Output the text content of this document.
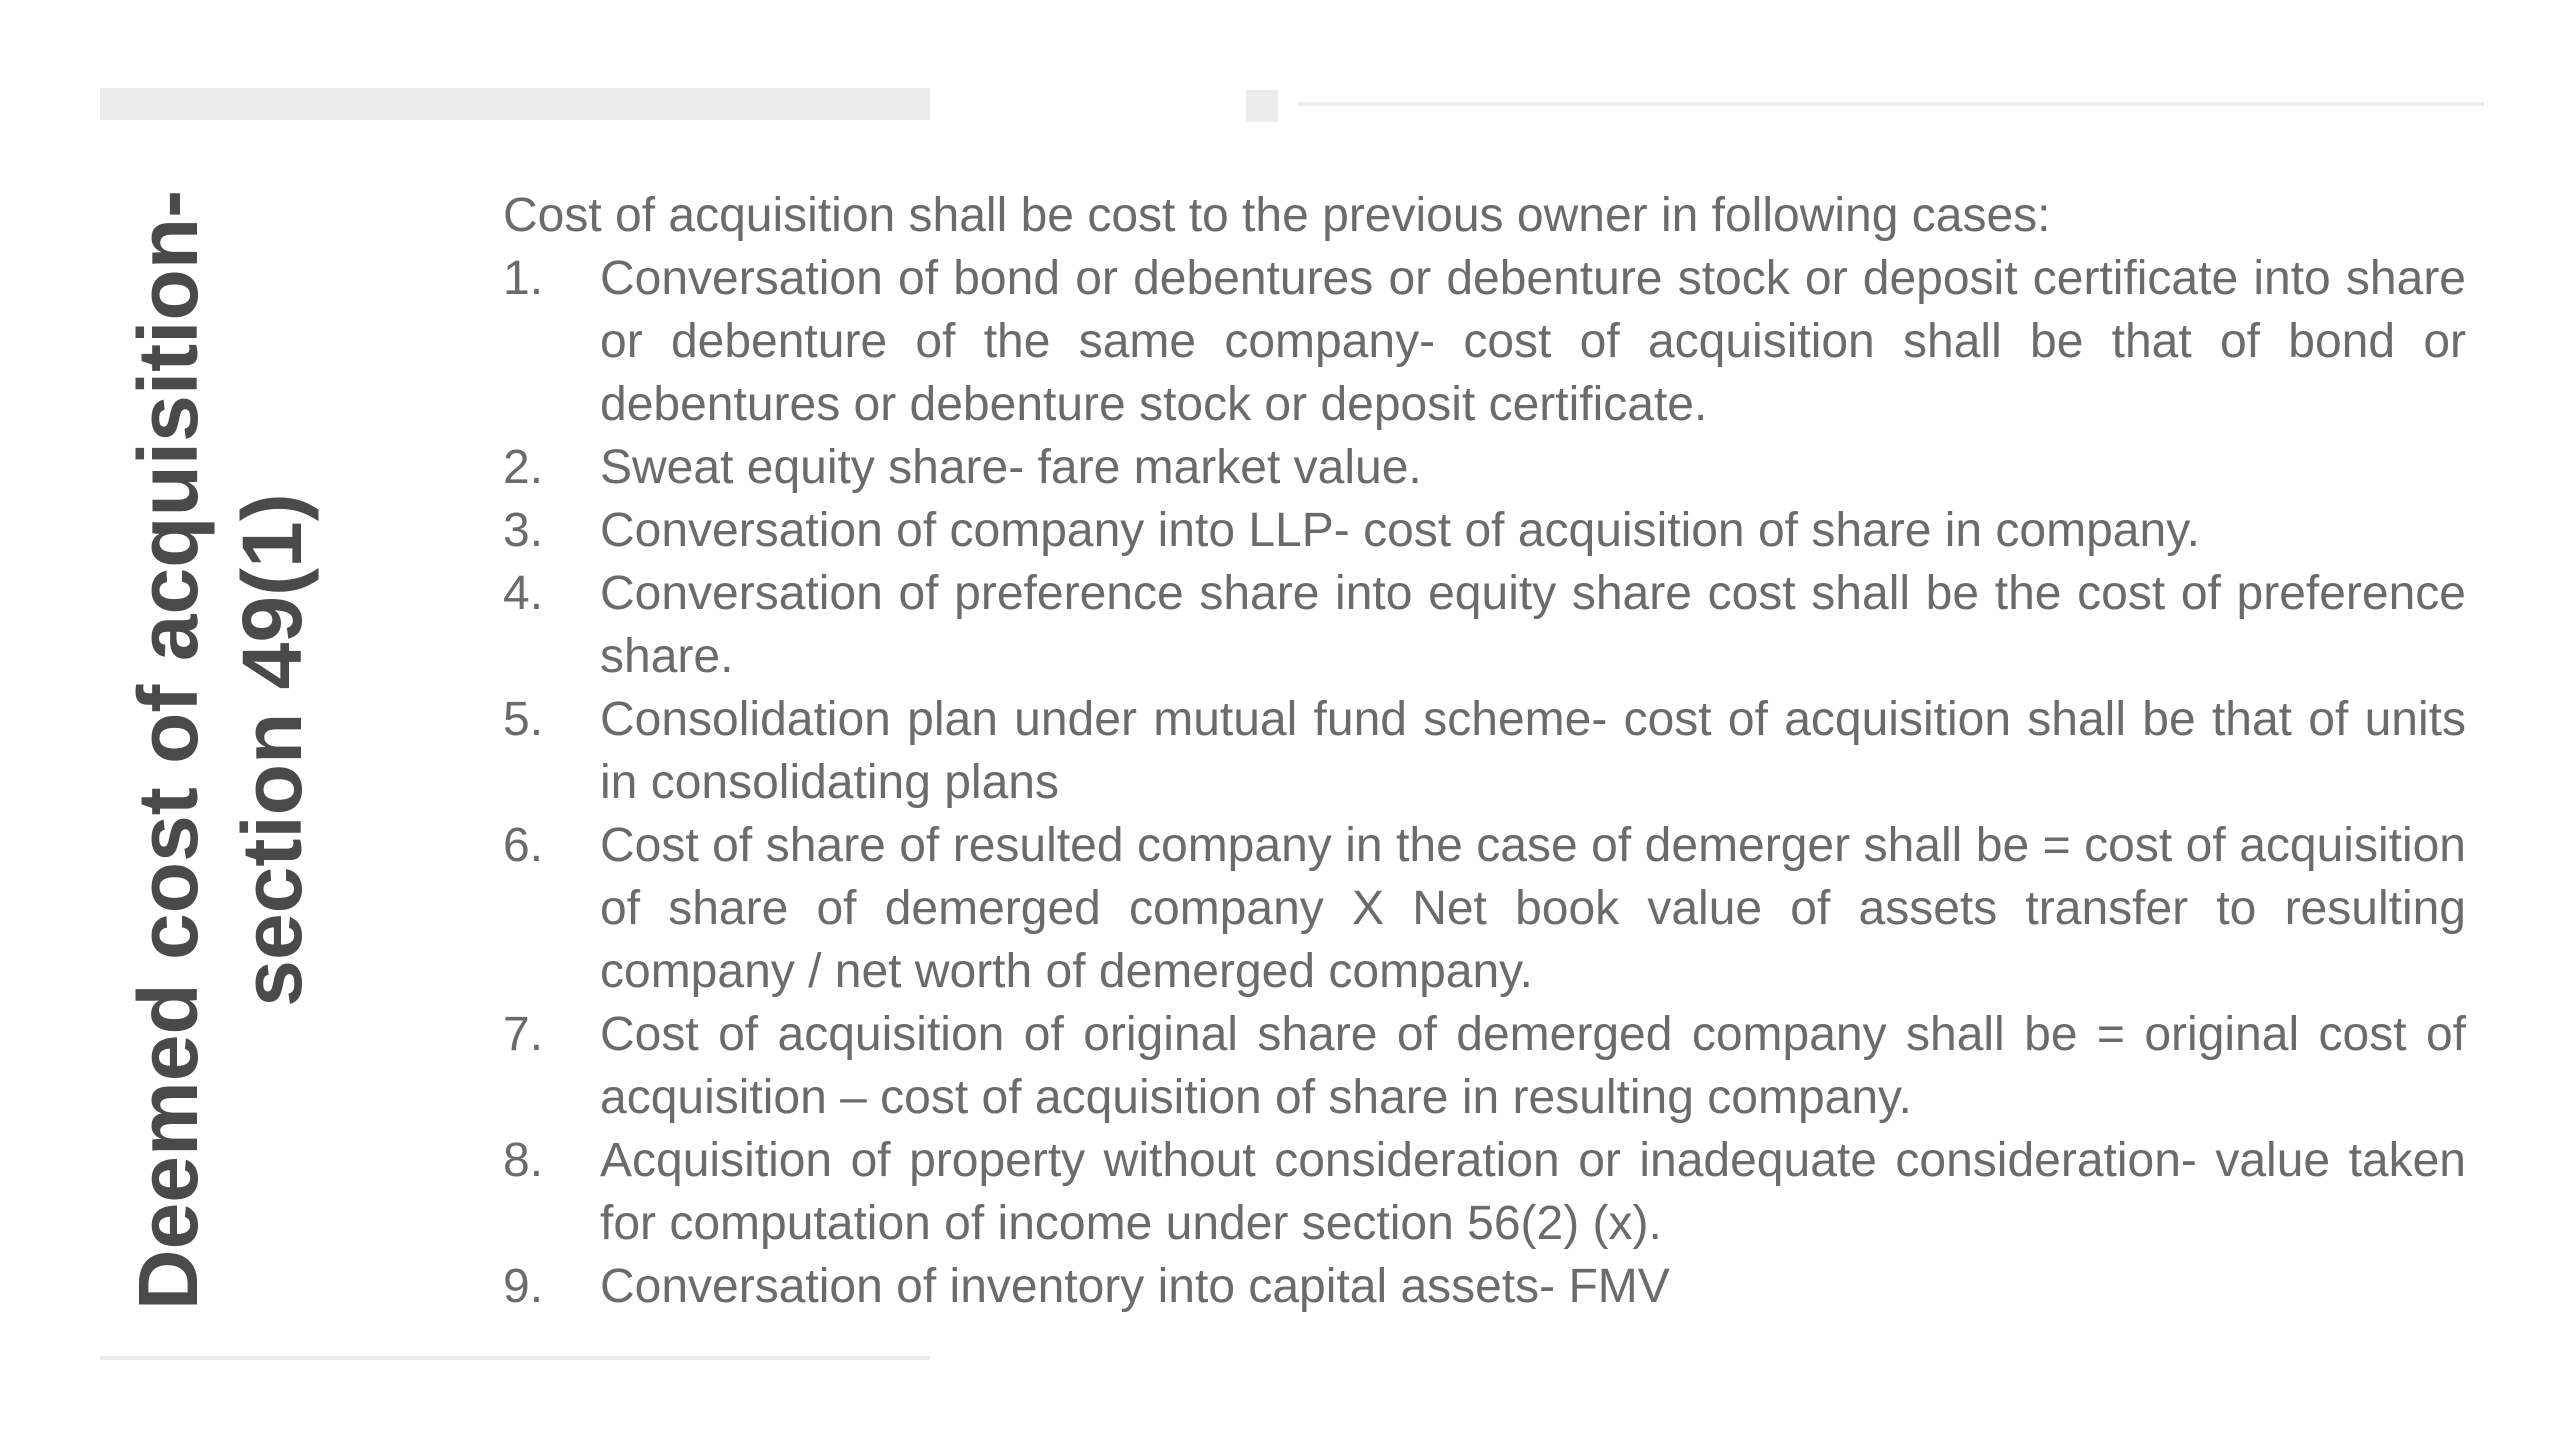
Deemed cost of acquisition- section 49(1)

Cost of acquisition shall be cost to the previous owner in following cases:

1.	Conversation of bond or debentures or debenture stock or deposit certificate into share or debenture of the same company- cost of acquisition shall be that of bond or debentures or debenture stock or deposit certificate.
2.	Sweat equity share- fare market value.
3.	Conversation of company into LLP- cost of acquisition of share in company.
4.	Conversation of preference share into equity share cost shall be the cost of preference share.
5.	Consolidation plan under mutual fund scheme- cost of acquisition shall be that of units in consolidating plans
6.	Cost of share of resulted company in the case of demerger shall be = cost of acquisition of share of demerged company X Net book value of assets transfer to resulting company / net worth of demerged company.
7.	Cost of acquisition of original share of demerged company shall be = original cost of acquisition – cost of acquisition of share in resulting company.
8.	Acquisition of property without consideration or inadequate consideration- value taken for computation of income under section 56(2) (x).
9.	Conversation of inventory into capital assets- FMV
